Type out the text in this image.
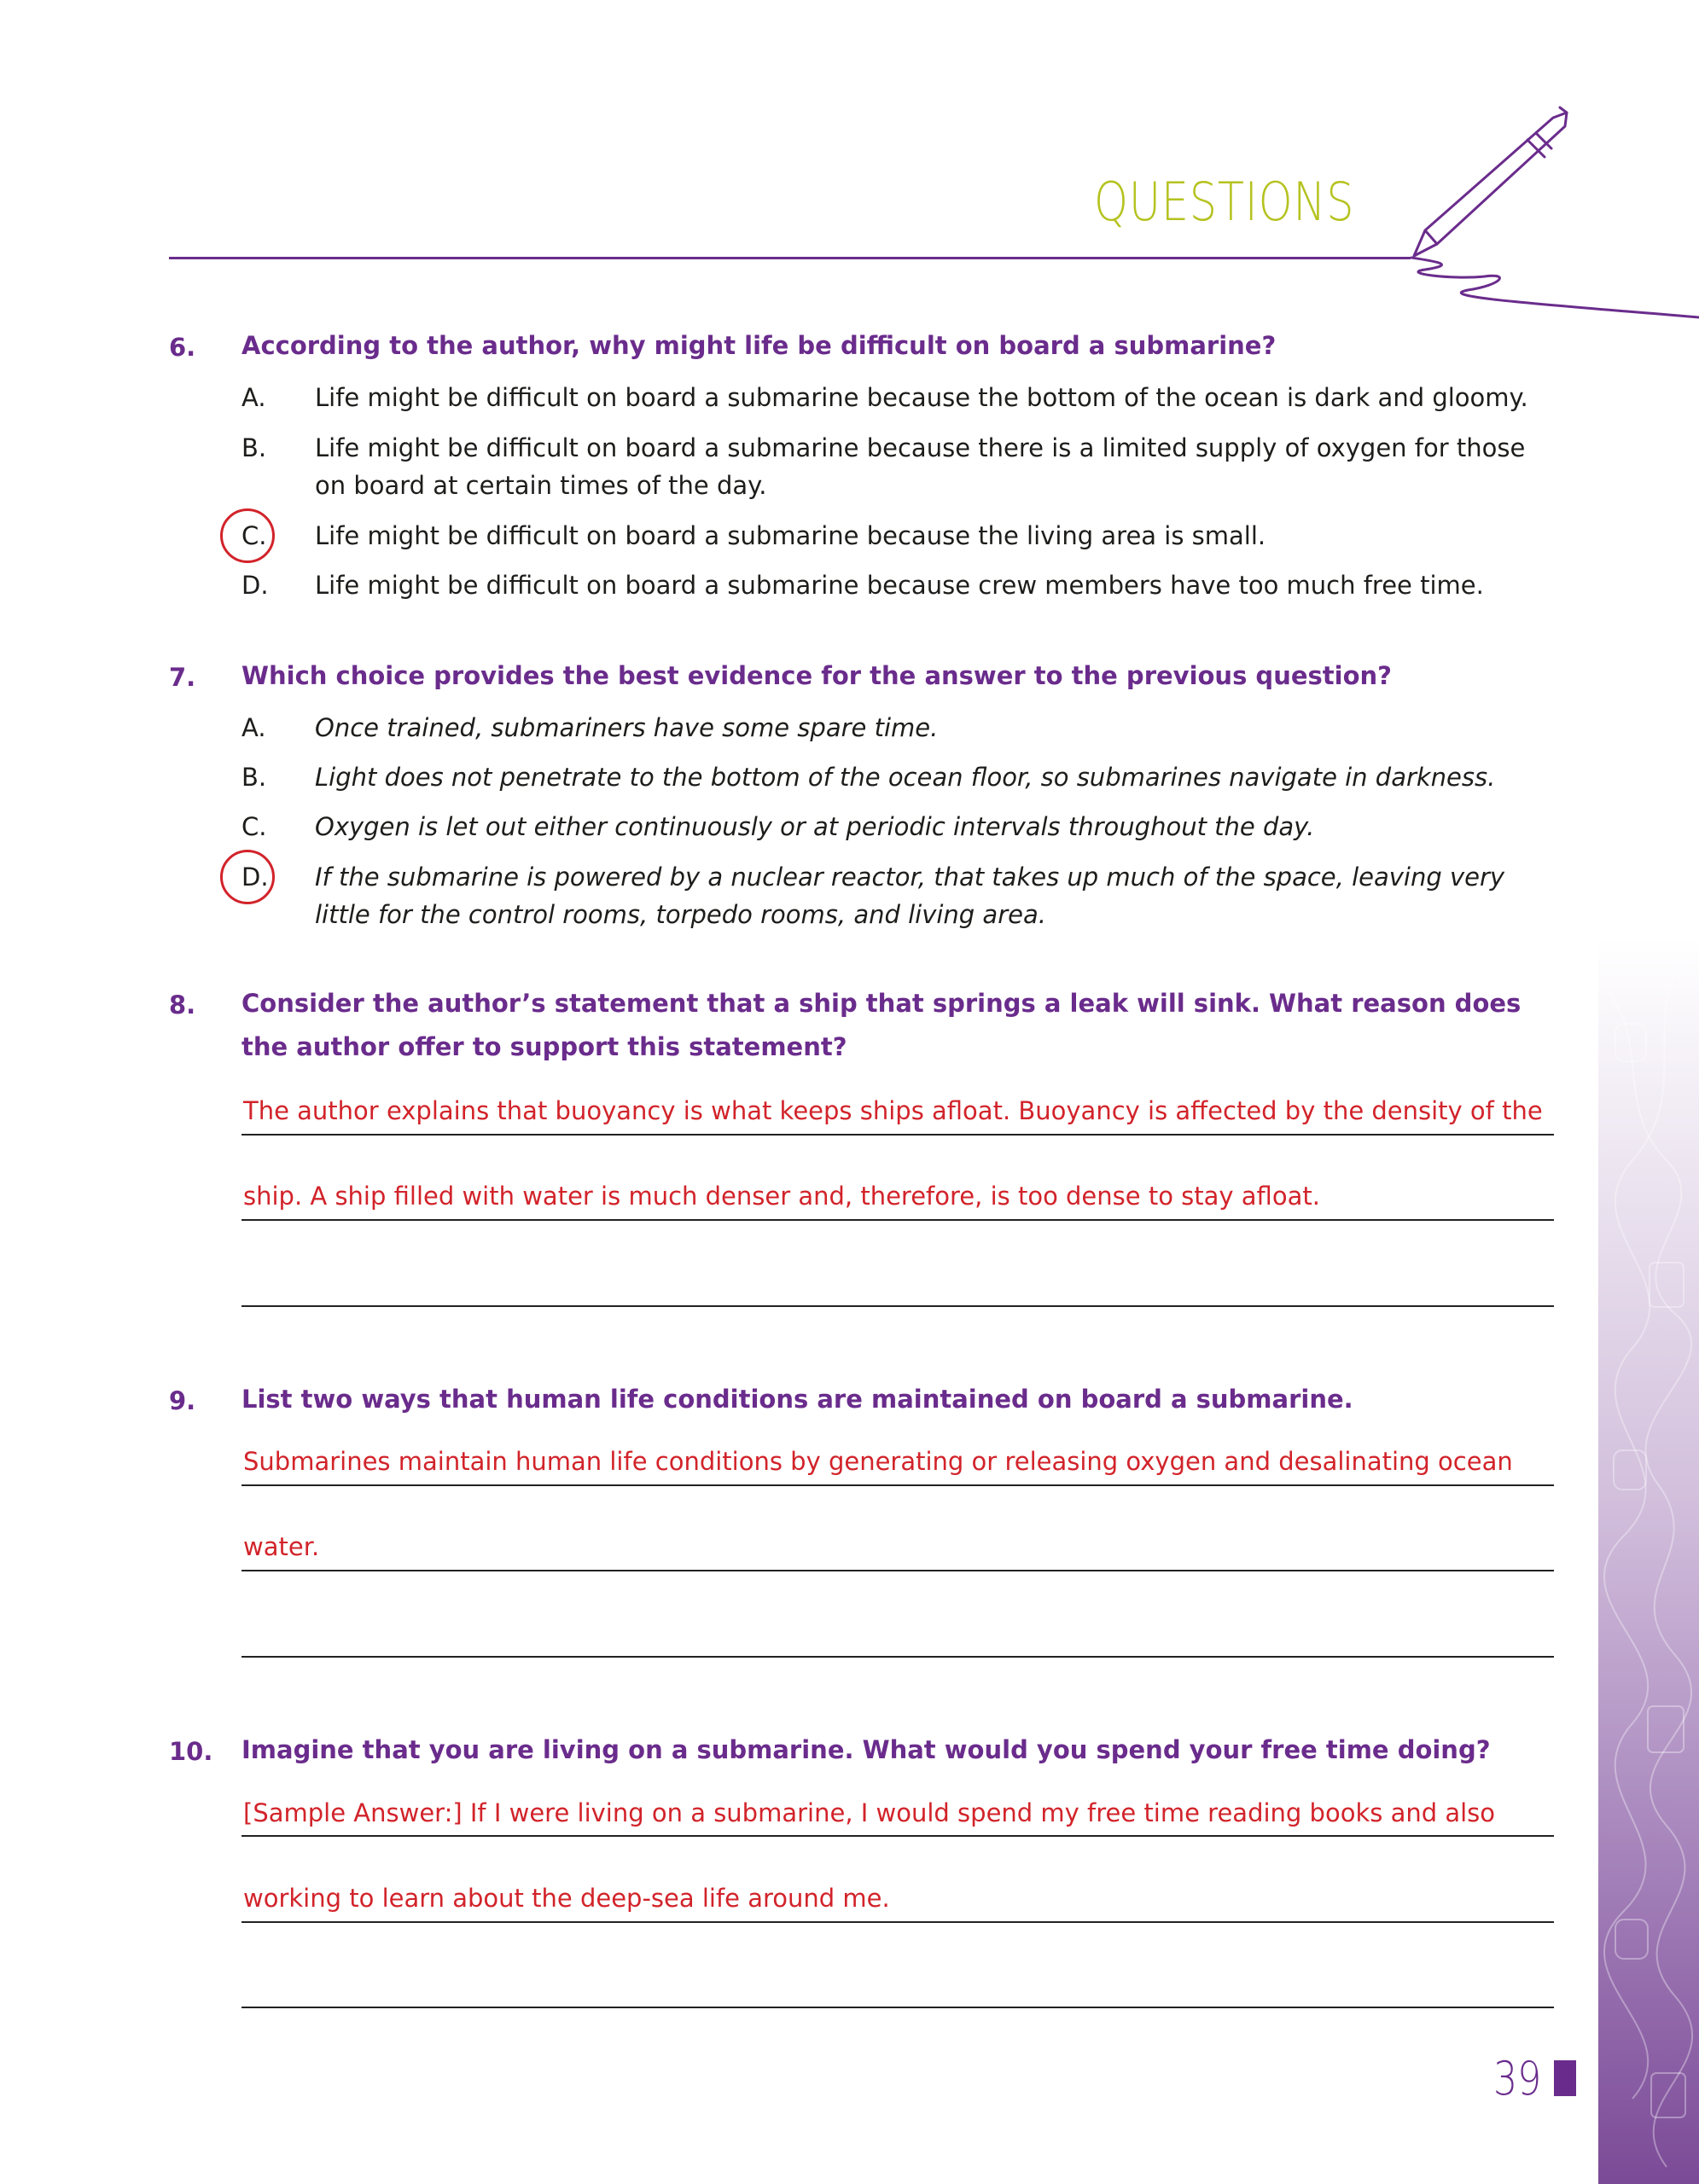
QUESTIONS
6. According to the author, why might life be difficult on board a submarine?
A. Life might be difficult on board a submarine because the bottom of the ocean is dark and gloomy.
B. Life might be difficult on board a submarine because there is a limited supply of oxygen for those on board at certain times of the day.
C. Life might be difficult on board a submarine because the living area is small.
D. Life might be difficult on board a submarine because crew members have too much free time.
7. Which choice provides the best evidence for the answer to the previous question?
A. Once trained, submariners have some spare time.
B. Light does not penetrate to the bottom of the ocean floor, so submarines navigate in darkness.
C. Oxygen is let out either continuously or at periodic intervals throughout the day.
D. If the submarine is powered by a nuclear reactor, that takes up much of the space, leaving very little for the control rooms, torpedo rooms, and living area.
8. Consider the author’s statement that a ship that springs a leak will sink. What reason does the author offer to support this statement?
The author explains that buoyancy is what keeps ships afloat. Buoyancy is affected by the density of the
ship. A ship filled with water is much denser and, therefore, is too dense to stay afloat.
9. List two ways that human life conditions are maintained on board a submarine.
Submarines maintain human life conditions by generating or releasing oxygen and desalinating ocean
water.
10. Imagine that you are living on a submarine. What would you spend your free time doing?
[Sample Answer:] If I were living on a submarine, I would spend my free time reading books and also
working to learn about the deep-sea life around me.
39
